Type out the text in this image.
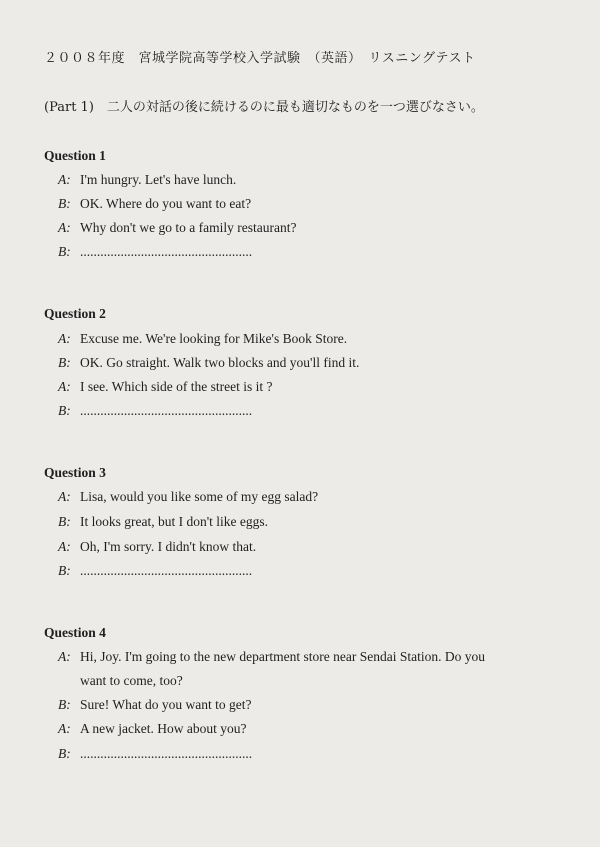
２００８年度　宮城学院高等学校入学試験　（英語）　リスニングテスト
(Part 1)　二人の対話の後に続けるのに最も適切なものを一つ選びなさい。
Question 1
A: I'm hungry. Let's have lunch.
B: OK. Where do you want to eat?
A: Why don't we go to a family restaurant?
B: ...................................................
Question 2
A: Excuse me. We're looking for Mike's Book Store.
B: OK. Go straight. Walk two blocks and you'll find it.
A: I see. Which side of the street is it ?
B: ...................................................
Question 3
A: Lisa, would you like some of my egg salad?
B: It looks great, but I don't like eggs.
A: Oh, I'm sorry. I didn't know that.
B: ...................................................
Question 4
A: Hi, Joy. I'm going to the new department store near Sendai Station. Do you
want to come, too?
B: Sure! What do you want to get?
A: A new jacket. How about you?
B: ...................................................
